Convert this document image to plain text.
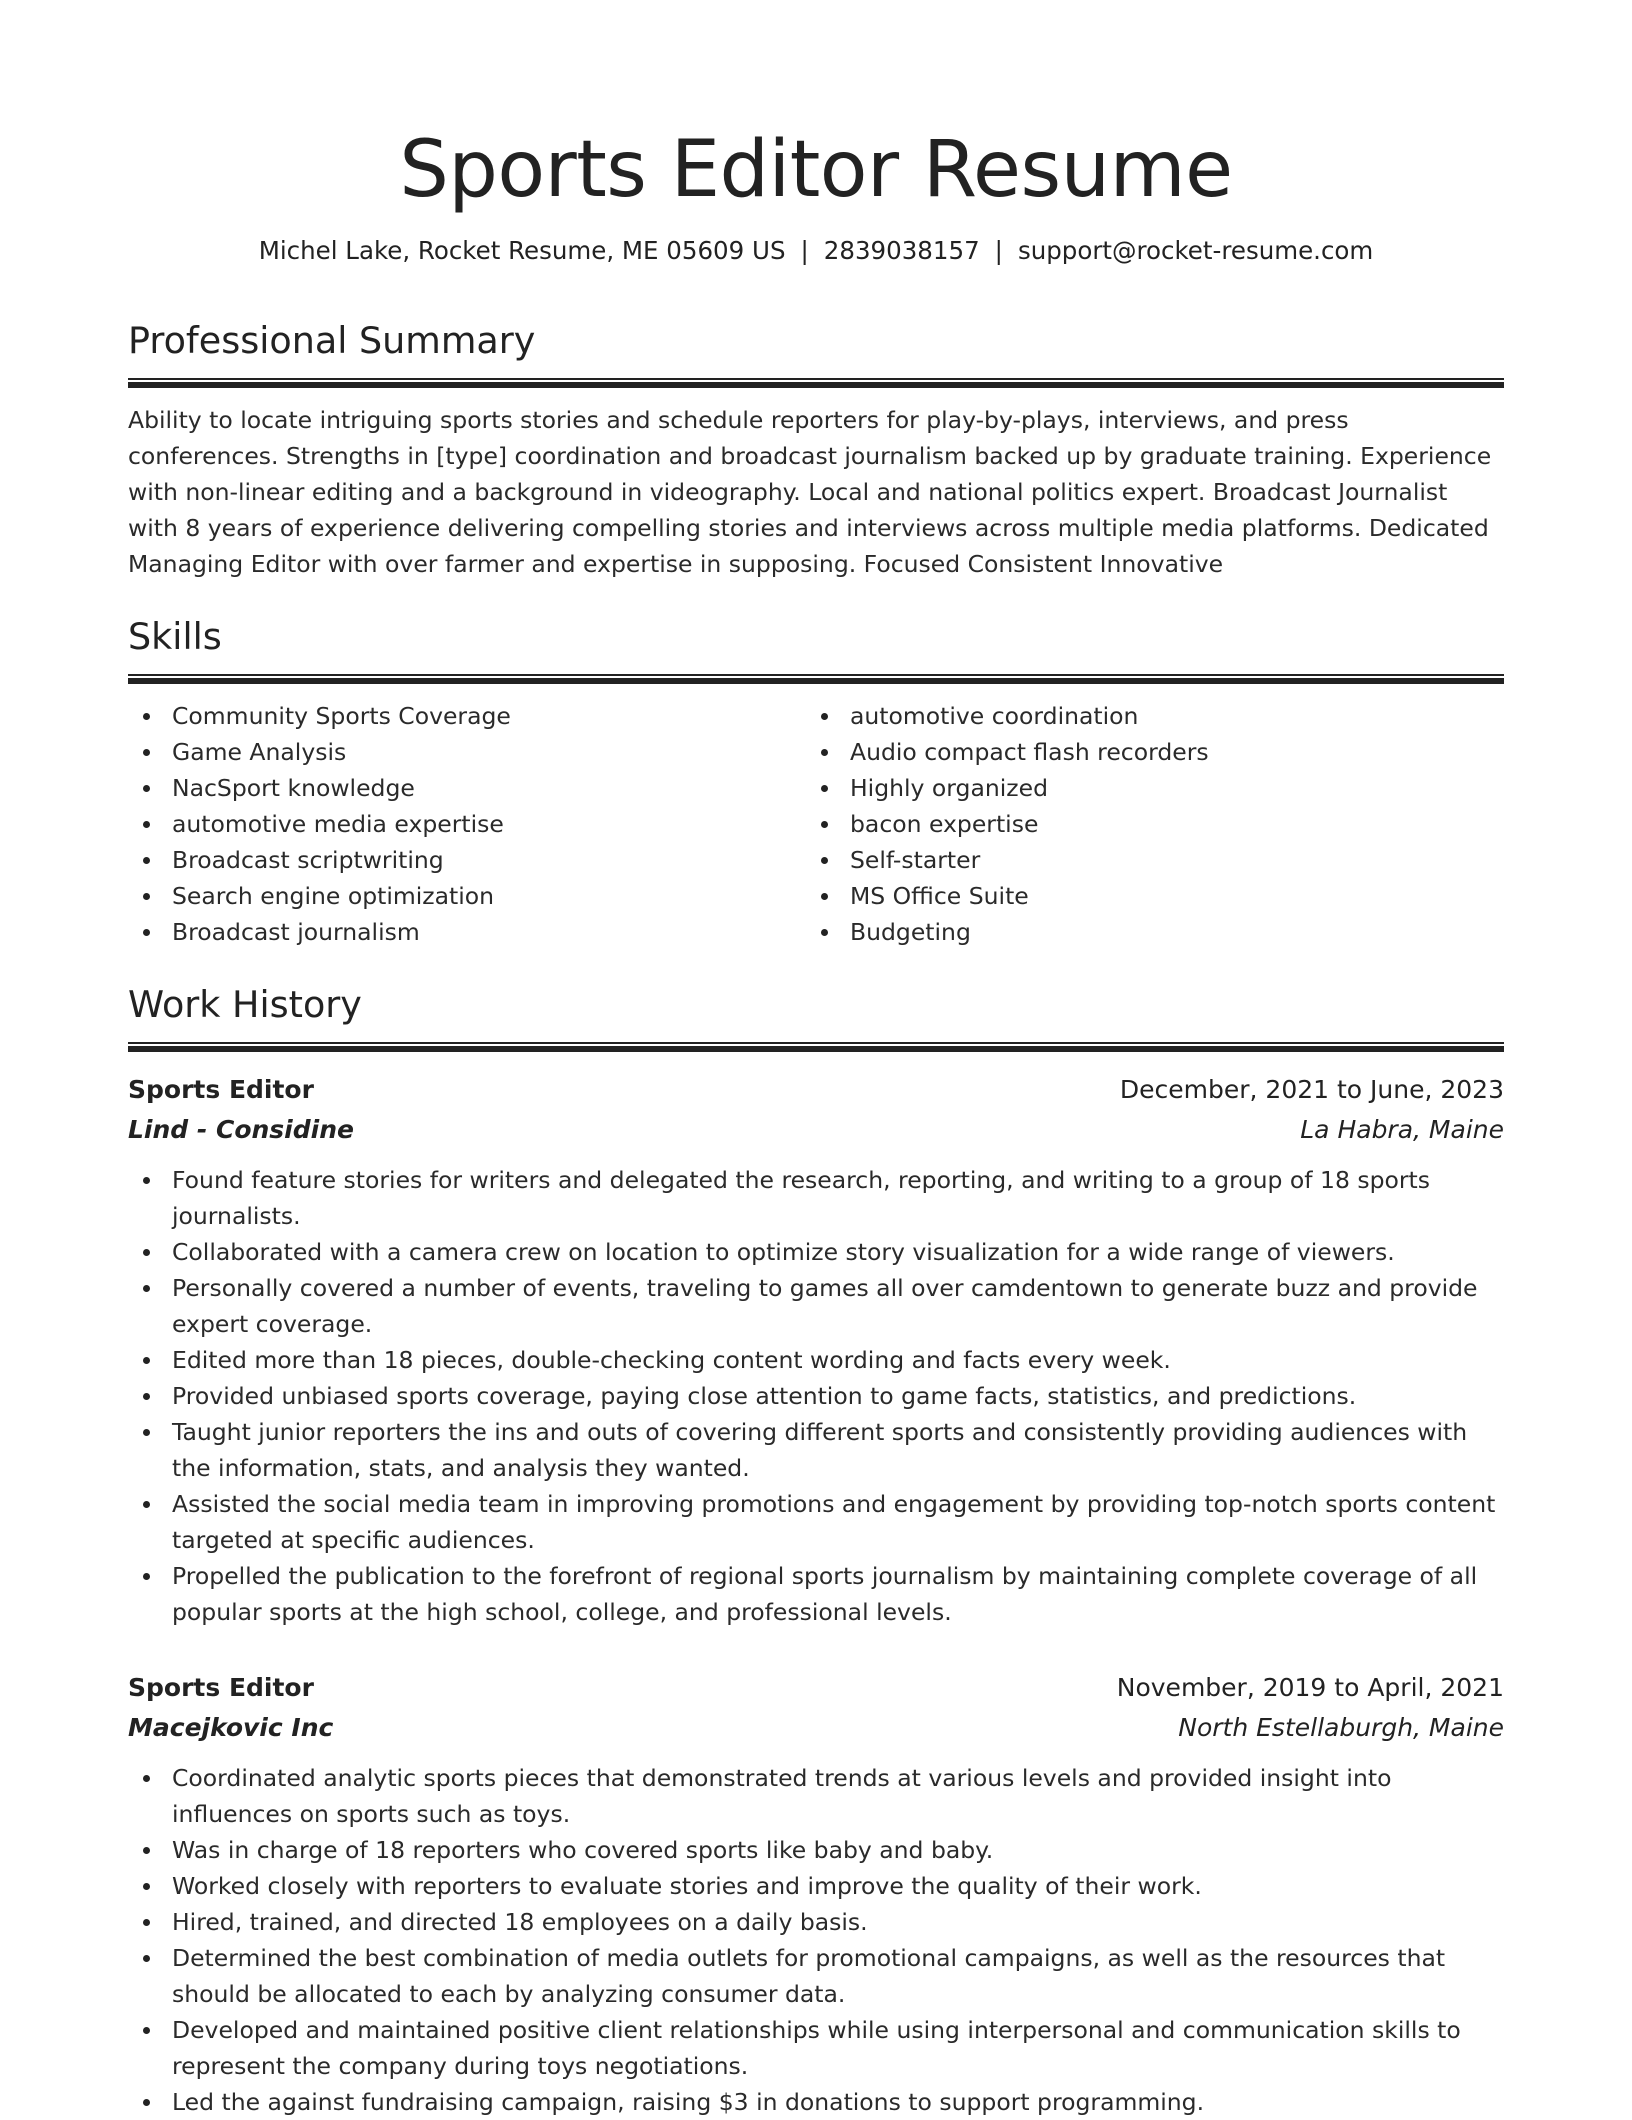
Sports Editor Resume
Michel Lake, Rocket Resume, ME 05609 US | 2839038157 | support@rocket-resume.com
Professional Summary

Ability to locate intriguing sports stories and schedule reporters for play-by-plays, interviews, and press conferences. Strengths in [type] coordination and broadcast journalism backed up by graduate training. Experience with non-linear editing and a background in videography. Local and national politics expert. Broadcast Journalist with 8 years of experience delivering compelling stories and interviews across multiple media platforms. Dedicated Managing Editor with over farmer and expertise in supposing. Focused Consistent Innovative

Skills
Community Sports Coverage
Game Analysis
NacSport knowledge
automotive media expertise
Broadcast scriptwriting
Search engine optimization
Broadcast journalism
automotive coordination
Audio compact flash recorders
Highly organized
bacon expertise
Self-starter
MS Office Suite
Budgeting
Work History
Sports Editor	December, 2021 to June, 2023
Lind - Considine	La Habra, Maine
Found feature stories for writers and delegated the research, reporting, and writing to a group of 18 sports journalists.
Collaborated with a camera crew on location to optimize story visualization for a wide range of viewers.
Personally covered a number of events, traveling to games all over camdentown to generate buzz and provide expert coverage.
Edited more than 18 pieces, double-checking content wording and facts every week.
Provided unbiased sports coverage, paying close attention to game facts, statistics, and predictions.
Taught junior reporters the ins and outs of covering different sports and consistently providing audiences with the information, stats, and analysis they wanted.
Assisted the social media team in improving promotions and engagement by providing top-notch sports content targeted at specific audiences.
Propelled the publication to the forefront of regional sports journalism by maintaining complete coverage of all popular sports at the high school, college, and professional levels.
Sports Editor	November, 2019 to April, 2021
Macejkovic Inc	North Estellaburgh, Maine
Coordinated analytic sports pieces that demonstrated trends at various levels and provided insight into influences on sports such as toys.
Was in charge of 18 reporters who covered sports like baby and baby.
Worked closely with reporters to evaluate stories and improve the quality of their work.
Hired, trained, and directed 18 employees on a daily basis.
Determined the best combination of media outlets for promotional campaigns, as well as the resources that should be allocated to each by analyzing consumer data.
Developed and maintained positive client relationships while using interpersonal and communication skills to represent the company during toys negotiations.
Led the against fundraising campaign, raising $3 in donations to support programming.
